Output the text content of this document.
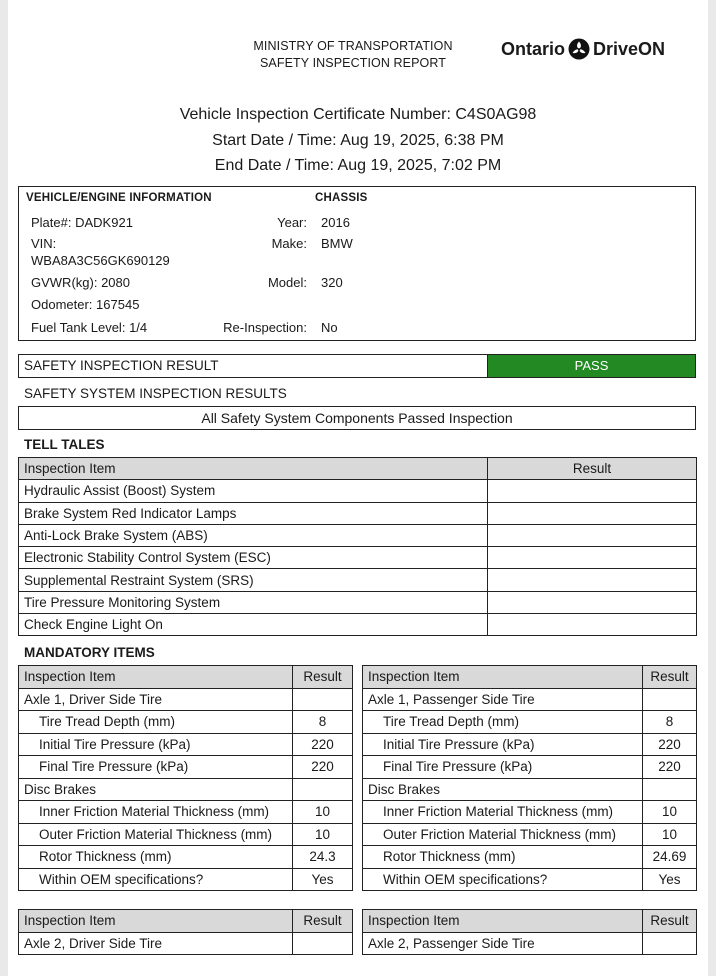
MINISTRY OF TRANSPORTATION
SAFETY INSPECTION REPORT
Ontario DriveON
Vehicle Inspection Certificate Number: C4S0AG98
Start Date / Time: Aug 19, 2025, 6:38 PM
End Date / Time: Aug 19, 2025, 7:02 PM
VEHICLE/ENGINE INFORMATION	CHASSIS
Plate#: DADK921
VIN:
WBA8A3C56GK690129
GVWR(kg): 2080
Odometer: 167545
Fuel Tank Level: 1/4
Year: 2016
Make: BMW
Model: 320
Re-Inspection: No
SAFETY INSPECTION RESULT	PASS
SAFETY SYSTEM INSPECTION RESULTS
All Safety System Components Passed Inspection
TELL TALES
Inspection Item	Result
Hydraulic Assist (Boost) System	
Brake System Red Indicator Lamps	
Anti-Lock Brake System (ABS)	
Electronic Stability Control System (ESC)	
Supplemental Restraint System (SRS)	
Tire Pressure Monitoring System	
Check Engine Light On	
MANDATORY ITEMS
Inspection Item	Result
Axle 1, Driver Side Tire	
Tire Tread Depth (mm)	8
Initial Tire Pressure (kPa)	220
Final Tire Pressure (kPa)	220
Disc Brakes	
Inner Friction Material Thickness (mm)	10
Outer Friction Material Thickness (mm)	10
Rotor Thickness (mm)	24.3
Within OEM specifications?	Yes
Inspection Item	Result
Axle 1, Passenger Side Tire	
Tire Tread Depth (mm)	8
Initial Tire Pressure (kPa)	220
Final Tire Pressure (kPa)	220
Disc Brakes	
Inner Friction Material Thickness (mm)	10
Outer Friction Material Thickness (mm)	10
Rotor Thickness (mm)	24.69
Within OEM specifications?	Yes
Inspection Item	Result
Axle 2, Driver Side Tire	
Inspection Item	Result
Axle 2, Passenger Side Tire	
